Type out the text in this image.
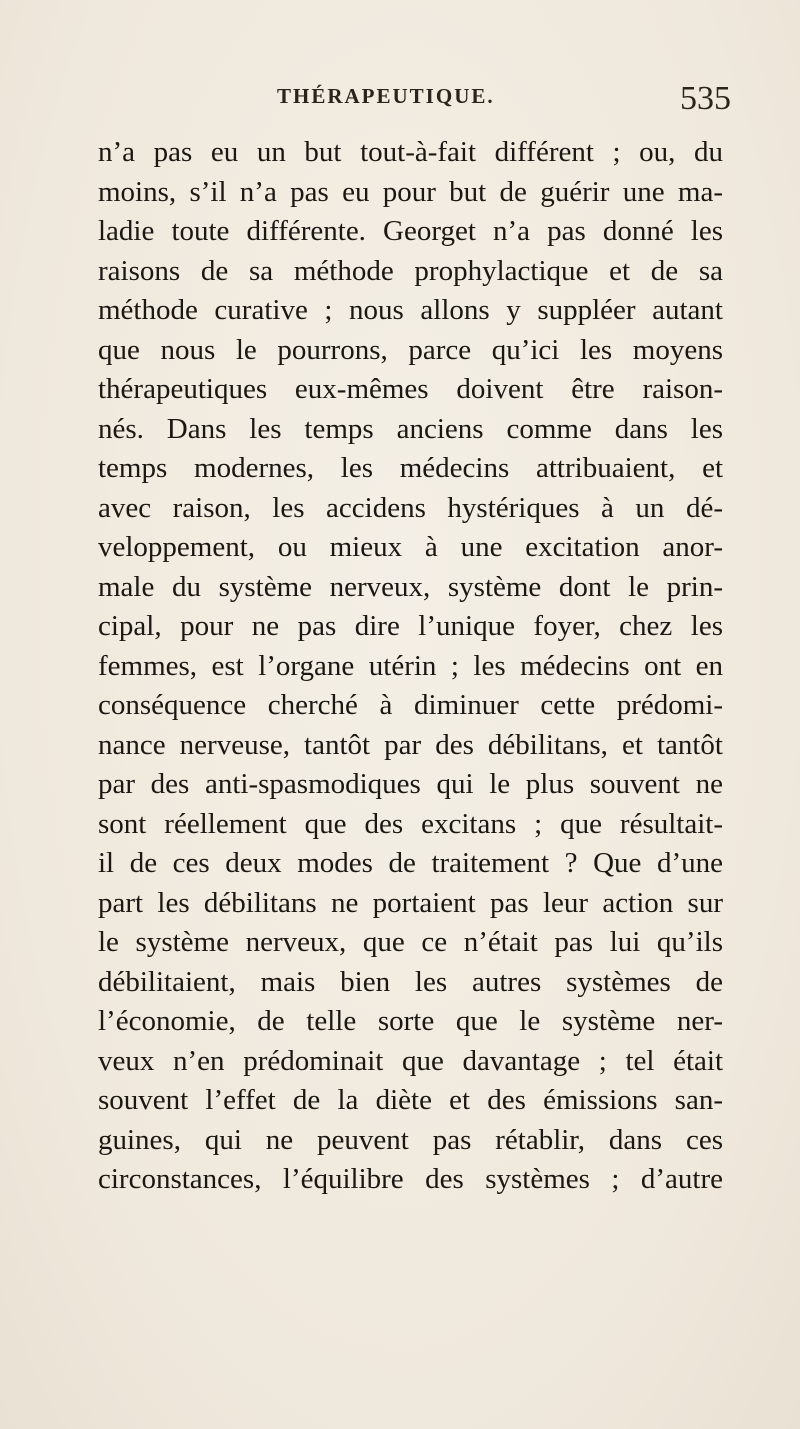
THÉRAPEUTIQUE.	535
n’a pas eu un but tout-à-fait différent ; ou, du
moins, s’il n’a pas eu pour but de guérir une ma-
ladie toute différente. Georget n’a pas donné les
raisons de sa méthode prophylactique et de sa
méthode curative ; nous allons y suppléer autant
que nous le pourrons, parce qu’ici les moyens
thérapeutiques eux-mêmes doivent être raison-
nés. Dans les temps anciens comme dans les
temps modernes, les médecins attribuaient, et
avec raison, les accidens hystériques à un dé-
veloppement, ou mieux à une excitation anor-
male du système nerveux, système dont le prin-
cipal, pour ne pas dire l’unique foyer, chez les
femmes, est l’organe utérin ; les médecins ont en
conséquence cherché à diminuer cette prédomi-
nance nerveuse, tantôt par des débilitans, et tantôt
par des anti-spasmodiques qui le plus souvent ne
sont réellement que des excitans ; que résultait-
il de ces deux modes de traitement ? Que d’une
part les débilitans ne portaient pas leur action sur
le système nerveux, que ce n’était pas lui qu’ils
débilitaient, mais bien les autres systèmes de
l’économie, de telle sorte que le système ner-
veux n’en prédominait que davantage ; tel était
souvent l’effet de la diète et des émissions san-
guines, qui ne peuvent pas rétablir, dans ces
circonstances, l’équilibre des systèmes ; d’autre
